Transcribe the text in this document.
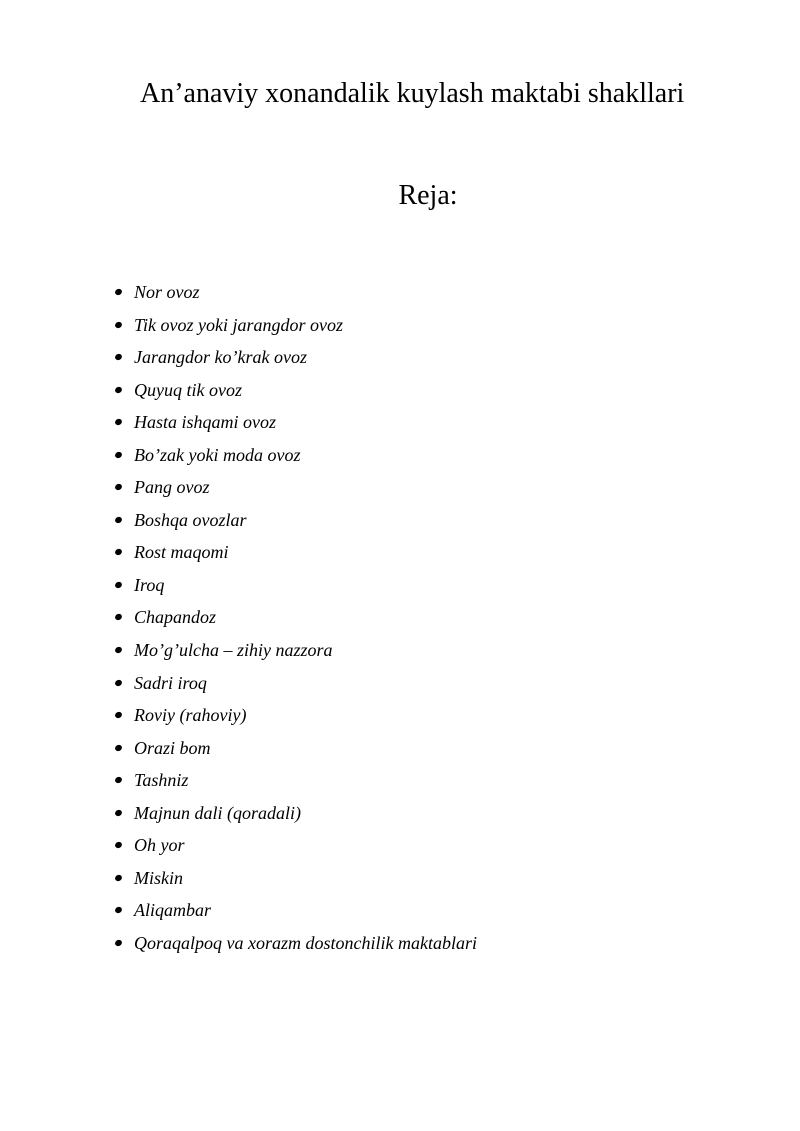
An’anaviy xonandalik kuylash maktabi shakllari
Reja:
Nor ovoz
Tik ovoz yoki jarangdor ovoz
Jarangdor ko’krak ovoz
Quyuq tik ovoz
Hasta ishqami ovoz
Bo’zak yoki moda ovoz
Pang ovoz
Boshqa ovozlar
Rost maqomi
Iroq
Chapandoz
Mo’g’ulcha – zihiy nazzora
Sadri iroq
Roviy (rahoviy)
Orazi bom
Tashniz
Majnun dali (qoradali)
Oh yor
Miskin
Aliqambar
Qoraqalpoq va xorazm dostonchilik maktablari
